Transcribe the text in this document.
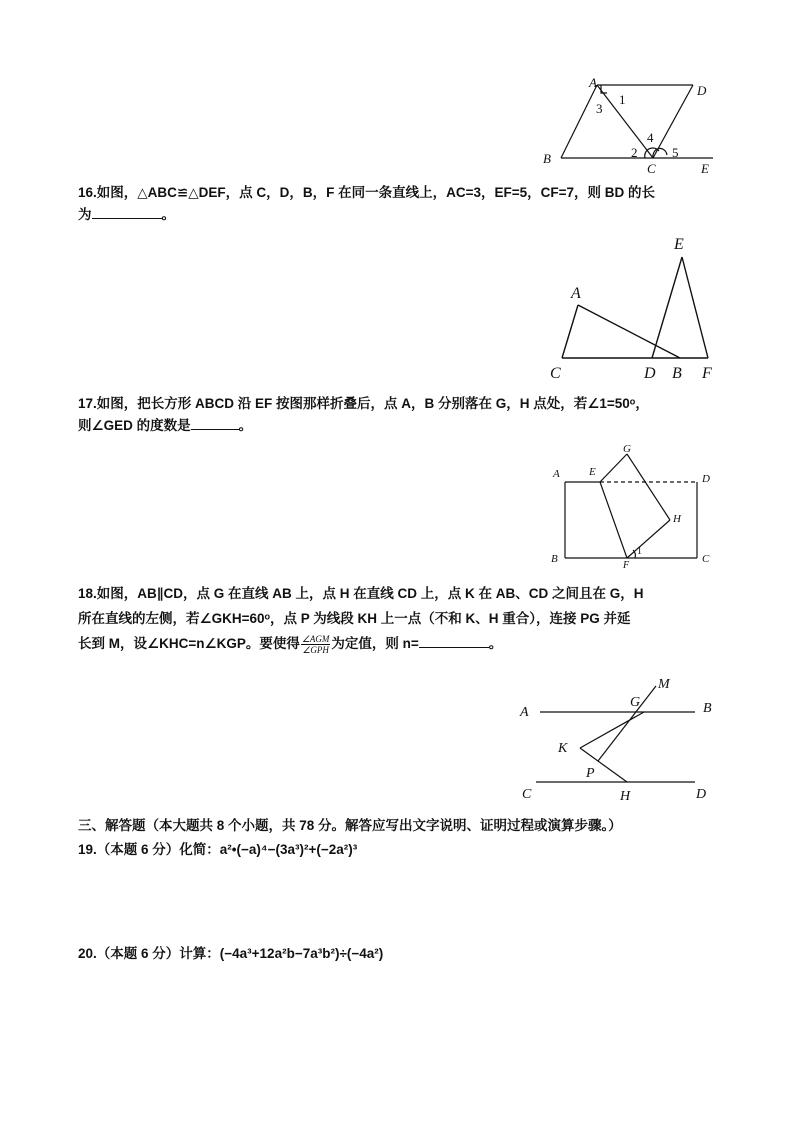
A
D
B
C	E
1
3
4
2	5
16.如图，△ABC≌△DEF，点 C，D，B，F 在同一条直线上，AC=3，EF=5，CF=7，则 BD 的长
为	。
A
E
C	D B F
17.如图，把长方形 ABCD 沿 EF 按图那样折叠后，点 A，B 分别落在 G，H 点处，若∠1=50ᵒ，
则∠GED 的度数是	。
A	E
G
D
H
B
F
C
1
18.如图，AB∥CD，点 G 在直线 AB 上，点 H 在直线 CD 上，点 K 在 AB、CD 之间且在 G，H
所在直线的左侧，若∠GKH=60ᵒ，点 P 为线段 KH 上一点（不和 K、H 重合），连接 PG 并延
长到 M，设∠KHC=n∠KGP。要使得 $\frac{\text{∠AGM}}{\text{∠GPH}}$ 为定值，则 n=	。
A
G
M
B
K
P
C	H	D
三、解答题（本大题共 8 个小题，共 78 分。解答应写出文字说明、证明过程或演算步骤。）
19.（本题 6 分）化简：a²•(−a)⁴−(3a³)²+(−2a²)³
20.（本题 6 分）计算：(−4a³+12a²b−7a³b²)÷(−4a²)
